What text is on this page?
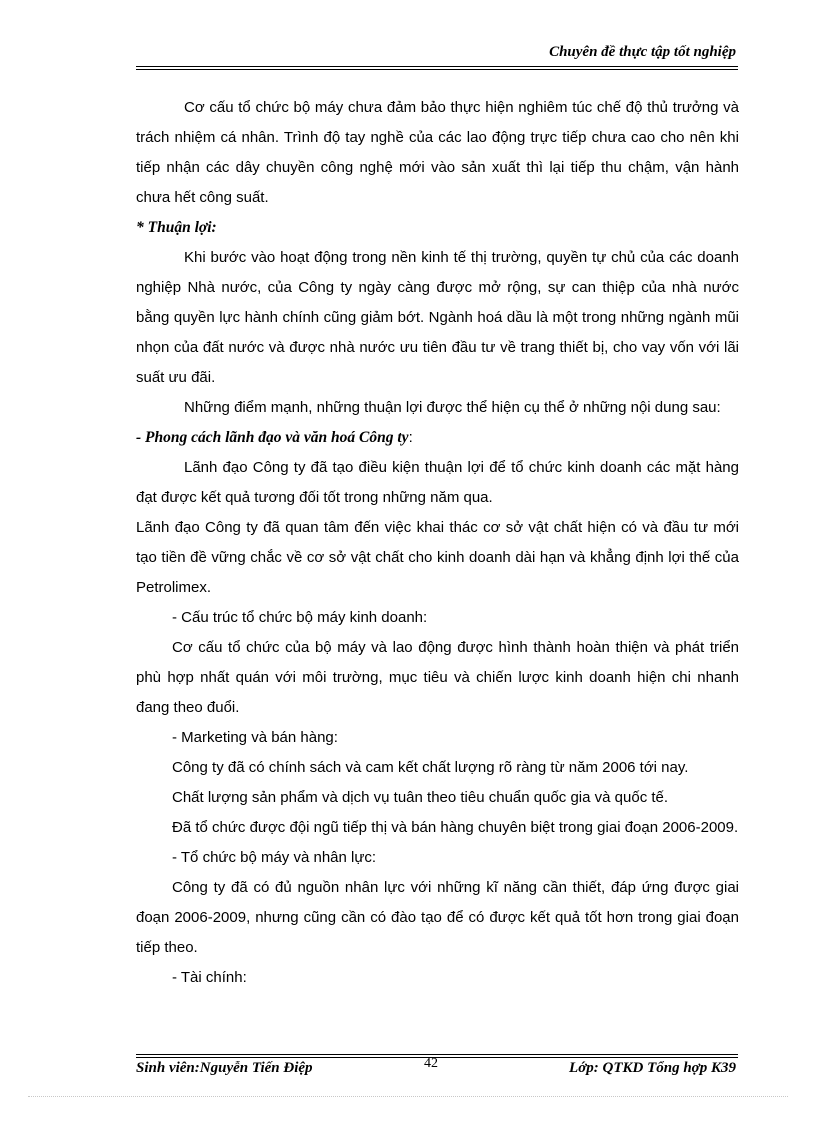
Chuyên đề thực tập tốt nghiệp

Cơ cấu tổ chức bộ máy chưa đảm bảo thực hiện nghiêm túc chế độ thủ trưởng và trách nhiệm cá nhân. Trình độ tay nghề của các lao động trực tiếp chưa cao cho nên khi tiếp nhận các dây chuyền công nghệ mới vào sản xuất thì lại tiếp thu chậm, vận hành chưa hết công suất.

* Thuận lợi:

Khi bước vào hoạt động trong nền kinh tế thị trường, quyền tự chủ của các doanh nghiệp Nhà nước, của Công ty ngày càng được mở rộng, sự can thiệp của nhà nước bằng quyền lực hành chính cũng giảm bớt. Ngành hoá dầu là một trong những ngành mũi nhọn của đất nước và được nhà nước ưu tiên đầu tư về trang thiết bị, cho vay vốn với lãi suất ưu đãi.

Những điểm mạnh, những thuận lợi được thể hiện cụ thể ở những nội dung sau:

- Phong cách lãnh đạo và văn hoá Công ty:

Lãnh đạo Công ty đã tạo điều kiện thuận lợi để tổ chức kinh doanh các mặt hàng đạt được kết quả tương đối tốt trong những năm qua.

Lãnh đạo Công ty đã quan tâm đến việc khai thác cơ sở vật chất hiện có và đầu tư mới tạo tiền đề vững chắc về cơ sở vật chất cho kinh doanh dài hạn và khẳng định lợi thế của Petrolimex.

- Cấu trúc tổ chức bộ máy kinh doanh:

Cơ cấu tổ chức của bộ máy và lao động được hình thành hoàn thiện và phát triển phù hợp nhất quán với môi trường, mục tiêu và chiến lược kinh doanh hiện chi nhanh đang theo đuổi.

- Marketing và bán hàng:

Công ty đã có chính sách và cam kết chất lượng rõ ràng từ năm 2006 tới nay.

Chất lượng sản phẩm và dịch vụ tuân theo tiêu chuẩn quốc gia và quốc tế.

Đã tổ chức được đội ngũ tiếp thị và bán hàng chuyên biệt trong giai đoạn 2006-2009.

- Tổ chức bộ máy và nhân lực:

Công ty đã có đủ nguồn nhân lực với những kĩ năng cần thiết, đáp ứng được giai đoạn 2006-2009, nhưng cũng cần có đào tạo để có được kết quả tốt hơn trong giai đoạn tiếp theo.

- Tài chính:

Sinh viên:Nguyễn Tiến Điệp	42	Lớp: QTKD Tổng hợp K39
